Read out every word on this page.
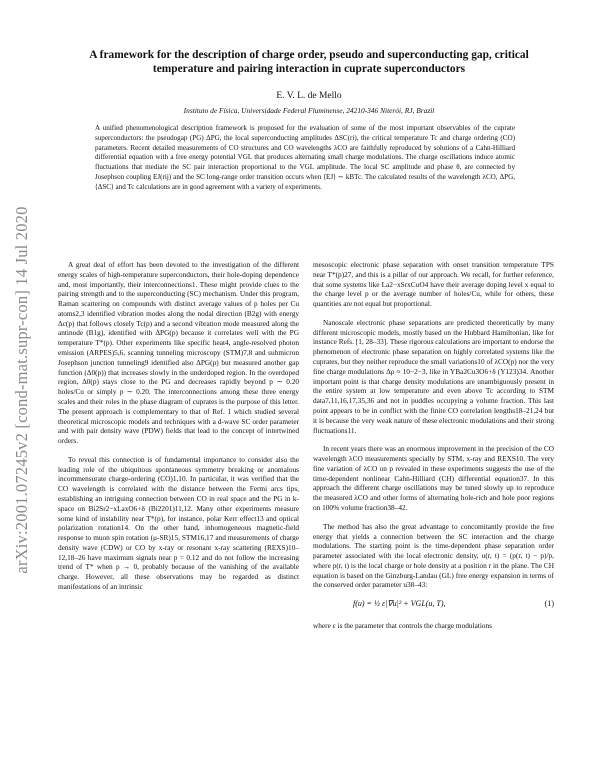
arXiv:2001.07245v2 [cond-mat.supr-con] 14 Jul 2020
A framework for the description of charge order, pseudo and superconducting gap, critical temperature and pairing interaction in cuprate superconductors
E. V. L. de Mello
Instituto de Física, Universidade Federal Fluminense, 24210-346 Niterói, RJ, Brazil

A unified phenomenological description framework is proposed for the evaluation of some of the most important observables of the cuprate superconductors: the pseudogap (PG) ΔPG, the local superconducting amplitudes ΔSC(ri), the critical temperature Tc and charge ordering (CO) parameters. Recent detailed measurements of CO structures and CO wavelengths λCO are faithfully reproduced by solutions of a Cahn-Hilliard differential equation with a free energy potential VGL that produces alternating small charge modulations. The charge oscillations induce atomic fluctuations that mediate the SC pair interaction proportional to the VGL amplitude. The local SC amplitude and phase θ, are connected by Josephson coupling EJ(rij) and the SC long-range order transition occurs when ⟨EJ⟩ ∼ kBTc. The calculated results of the wavelength λCO, ΔPG, ⟨ΔSC⟩ and Tc calculations are in good agreement with a variety of experiments.

A great deal of effort has been devoted to the investigation of the different energy scales of high-temperature superconductors, their hole-doping dependence and, most importantly, their interconnections1. These might provide clues to the pairing strength and to the superconducting (SC) mechanism. Under this program, Raman scattering on compounds with distinct average values of p holes per Cu atoms2,3 identified vibration modes along the nodal direction (B2g) with energy Δc(p) that follows closely Tc(p) and a second vibration mode measured along the antinode (B1g), identified with ΔPG(p) because it correlates well with the PG temperature T*(p). Other experiments like specific heat4, angle-resolved photon emission (ARPES)5,6, scanning tunneling microscopy (STM)7,8 and submicron Josephson junction tunneling9 identified also ΔPG(p) but measured another gap function (Δ0(p)) that increases slowly in the underdoped region. In the overdoped region, Δ0(p) stays close to the PG and decreases rapidly beyond p ∼ 0.20 holes/Cu or simply p ∼ 0.20. The interconnections among these three energy scales and their roles in the phase diagram of cuprates is the purpose of this letter. The present approach is complementary to that of Ref. 1 which studied several theoretical microscopic models and techniques with a d-wave SC order parameter and with pair density wave (PDW) fields that lead to the concept of intertwined orders.

To reveal this connection is of fundamental importance to consider also the leading role of the ubiquitous spontaneous symmetry breaking or anomalous incommensurate charge-ordering (CO)1,10. In particular, it was verified that the CO wavelength is correlated with the distance between the Fermi arcs tips, establishing an intriguing connection between CO in real space and the PG in k-space on Bi2Sr2−xLaxO6+δ (Bi2201)11,12. Many other experiments measure some kind of instability near T*(p), for instance, polar Kerr effect13 and optical polarization rotation14. On the other hand, inhomogeneous magnetic-field response to muon spin rotation (μ-SR)15, STM16,17 and measurements of charge density wave (CDW) or CO by x-ray or resonant x-ray scattering (REXS)10–12,18–26 have maximum signals near p = 0.12 and do not follow the increasing trend of T* when p → 0, probably because of the vanishing of the available charge. However, all these observations may be regarded as distinct manifestations of an intrinsic

mesoscopic electronic phase separation with onset transition temperature TPS near T*(p)27, and this is a pillar of our approach. We recall, for further reference, that some systems like La2−xSrxCuO4 have their average doping level x equal to the charge level p or the average number of holes/Cu, while for others, these quantities are not equal but proportional.

Nanoscale electronic phase separations are predicted theoretically by many different microscopic models, mostly based on the Hubbard Hamiltonian, like for instance Refs. [1, 28–33]. These rigorous calculations are important to endorse the phenomenon of electronic phase separation on highly correlated systems like the cuprates, but they neither reproduce the small variations10 of λCO(p) nor the very fine charge modulations Δρ ≈ 10−2−3, like in YBa2Cu3O6+δ (Y123)34. Another important point is that charge density modulations are unambiguously present in the entire system at low temperature and even above Tc according to STM data7,11,16,17,35,36 and not in puddles occupying a volume fraction. This last point appears to be in conflict with the finite CO correlation lengths18–21,24 but it is because the very weak nature of these electronic modulations and their strong fluctuations11.

In recent years there was an enormous improvement in the precision of the CO wavelength λCO measurements specially by STM, x-ray and REXS10. The very fine variation of λCO on p revealed in these experiments suggests the use of the time-dependent nonlinear Cahn-Hilliard (CH) differential equation37. In this approach the different charge oscillations may be tuned slowly up to reproduce the measured λCO and other forms of alternating hole-rich and hole poor regions on 100% volume fraction38–42.

The method has also the great advantage to concomitantly provide the free energy that yields a connection between the SC interaction and the charge modulations. The starting point is the time-dependent phase separation order parameter associated with the local electronic density, u(r, t) = (p(r, t) − p)/p, where p(r, t) is the local charge or hole density at a position r in the plane. The CH equation is based on the Ginzburg-Landau (GL) free energy expansion in terms of the conserved order parameter u38–43:

f(u) = ½ ε|∇u|² + VGL(u, T),	(1)

where ε is the parameter that controls the charge modulations
